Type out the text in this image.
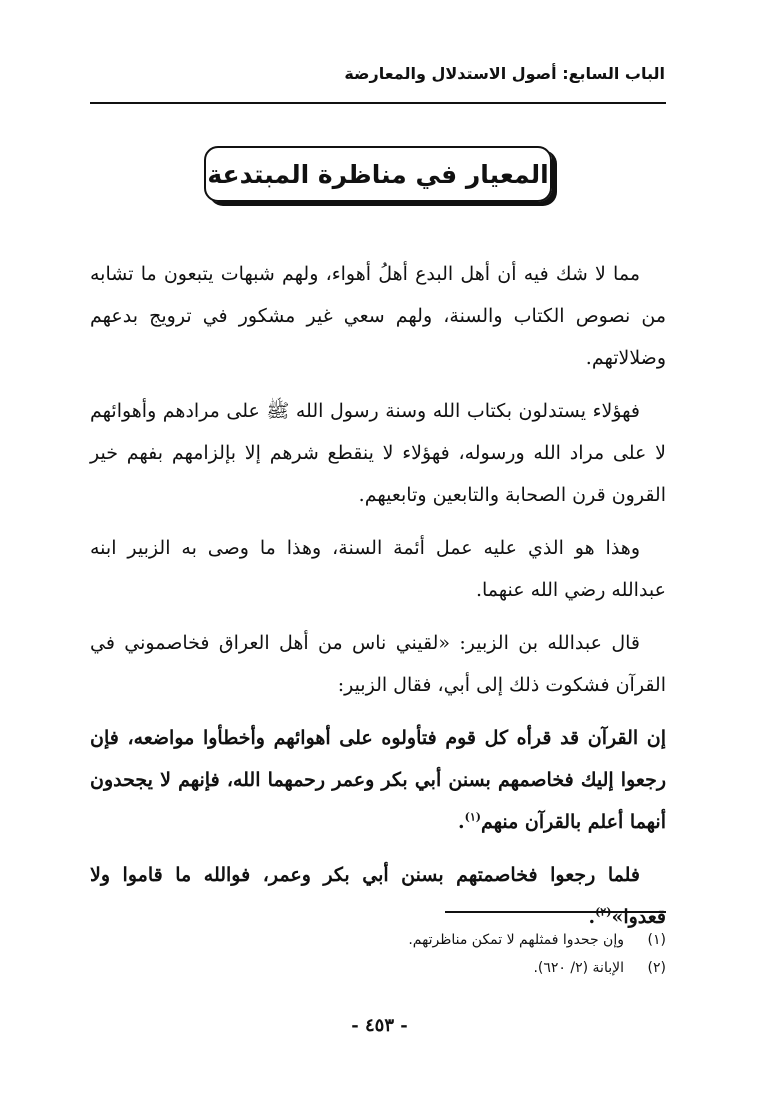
الباب السابع: أصول الاستدلال والمعارضة
المعيار في مناظرة المبتدعة

مما لا شك فيه أن أهل البدع أهلُ أهواء، ولهم شبهات يتبعون ما تشابه من نصوص الكتاب والسنة، ولهم سعي غير مشكور في ترويج بدعهم وضلالاتهم.

فهؤلاء يستدلون بكتاب الله وسنة رسول الله ﷺ على مرادهم وأهوائهم لا على مراد الله ورسوله، فهؤلاء لا ينقطع شرهم إلا بإلزامهم بفهم خير القرون قرن الصحابة والتابعين وتابعيهم.

وهذا هو الذي عليه عمل أئمة السنة، وهذا ما وصى به الزبير ابنه عبدالله رضي الله عنهما.

قال عبدالله بن الزبير: «لقيني ناس من أهل العراق فخاصموني في القرآن فشكوت ذلك إلى أبي، فقال الزبير:

إن القرآن قد قرأه كل قوم فتأولوه على أهوائهم وأخطأوا مواضعه، فإن رجعوا إليك فخاصمهم بسنن أبي بكر وعمر رحمهما الله، فإنهم لا يجحدون أنهما أعلم بالقرآن منهم$^{(١)}$.

فلما رجعوا فخاصمتهم بسنن أبي بكر وعمر، فوالله ما قاموا ولا قعدوا»$^{(٢)}$.

(١)
وإن جحدوا فمثلهم لا تمكن مناظرتهم.
(٢)
الإبانة (٢/ ٦٢٠).
- ٤٥٣ -
